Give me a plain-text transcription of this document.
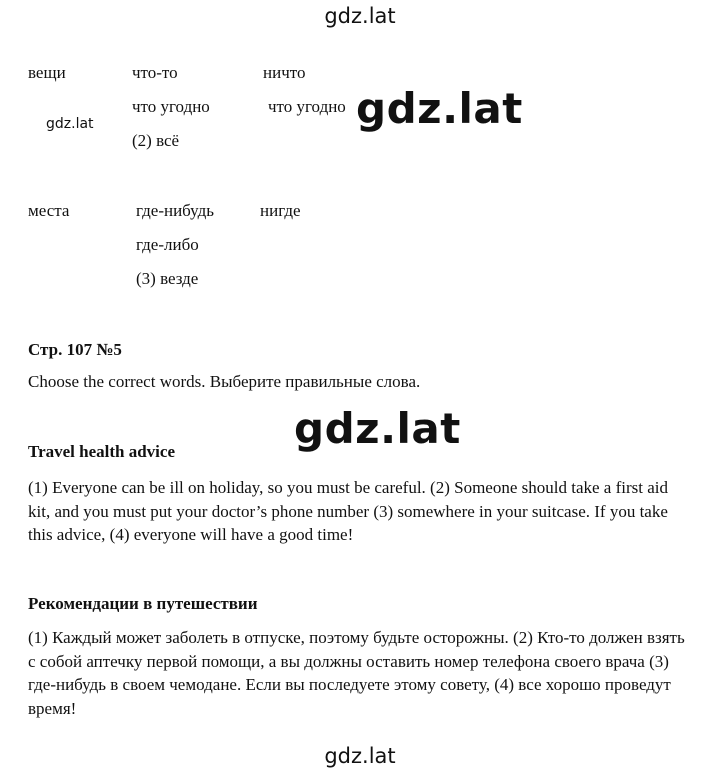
gdz.lat
gdz.lat
gdz.lat
gdz.lat
gdz.lat
вещи	что-то
что угодно
(2) всё
ничто
что угодно
места	где-нибудь
где-либо
(3) везде
нигде
Стр. 107 №5
Choose the correct words. Выберите правильные слова.
Travel health advice
(1) Everyone can be ill on holiday, so you must be careful. (2) Someone should take a first aid kit, and you must put your doctor’s phone number (3) somewhere in your suitcase. If you take this advice, (4) everyone will have a good time!
Рекомендации в путешествии
(1) Каждый может заболеть в отпуске, поэтому будьте осторожны. (2) Кто-то должен взять с собой аптечку первой помощи, а вы должны оставить номер телефона своего врача (3) где-нибудь в своем чемодане. Если вы последуете этому совету, (4) все хорошо проведут время!
